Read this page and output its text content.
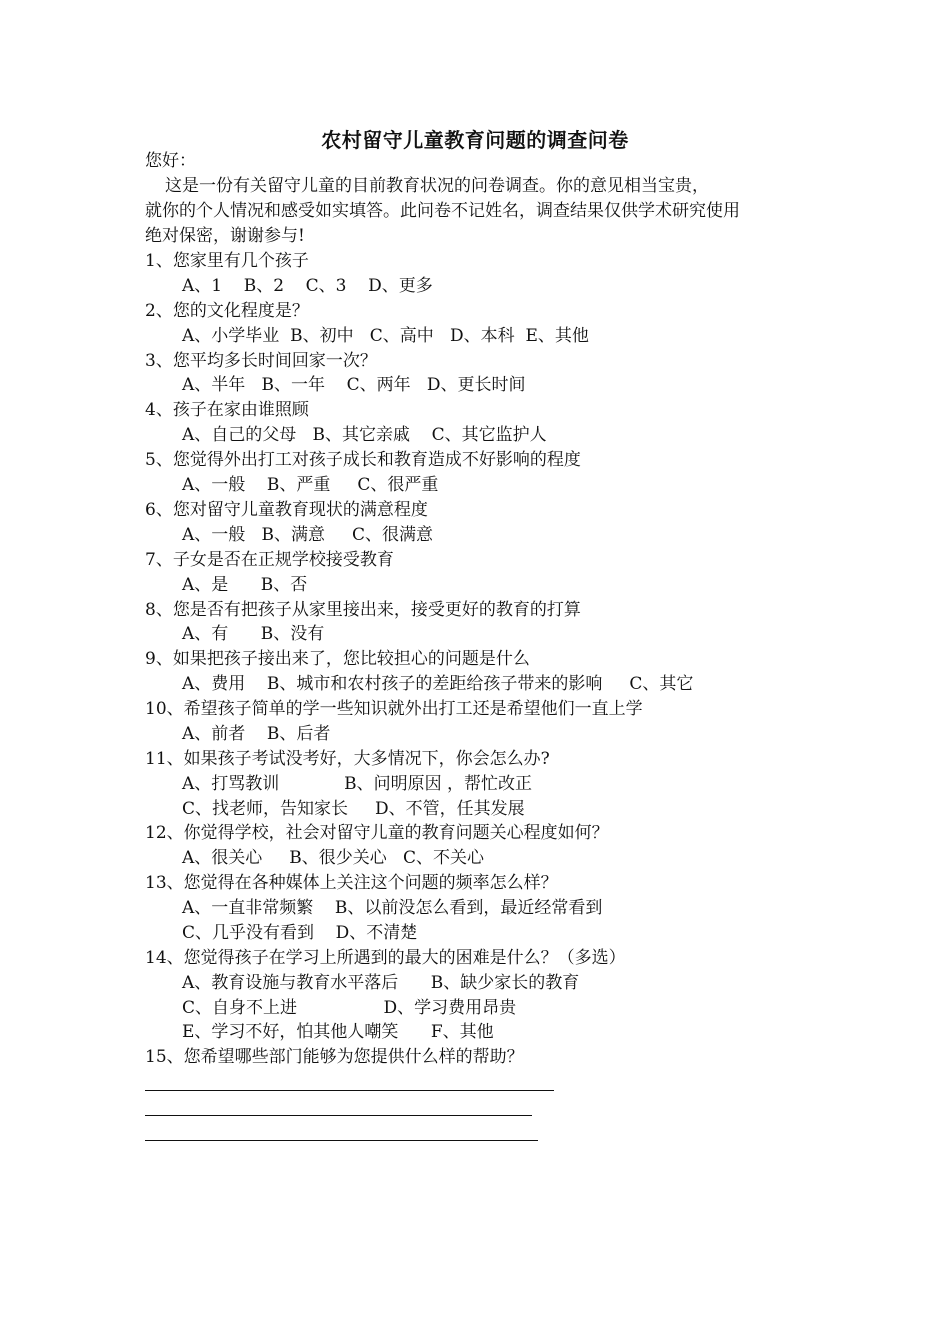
农村留守儿童教育问题的调查问卷
您好：
这是一份有关留守儿童的目前教育状况的问卷调查。你的意见相当宝贵，
就你的个人情况和感受如实填答。此问卷不记姓名，调查结果仅供学术研究使用
绝对保密，谢谢参与!
1、您家里有几个孩子
A、1    B、2    C、3    D、更多
2、您的文化程度是？
A、小学毕业  B、初中   C、高中   D、本科  E、其他
3、您平均多长时间回家一次？
A、半年   B、一年    C、两年   D、更长时间
4、孩子在家由谁照顾
A、自己的父母   B、其它亲戚    C、其它监护人
5、您觉得外出打工对孩子成长和教育造成不好影响的程度
A、一般    B、严重     C、很严重
6、您对留守儿童教育现状的满意程度
A、一般   B、满意     C、很满意
7、子女是否在正规学校接受教育
A、是      B、否
8、您是否有把孩子从家里接出来，接受更好的教育的打算
A、有      B、没有
9、如果把孩子接出来了，您比较担心的问题是什么
A、费用    B、城市和农村孩子的差距给孩子带来的影响     C、其它
10、希望孩子简单的学一些知识就外出打工还是希望他们一直上学
A、前者    B、后者
11、如果孩子考试没考好，大多情况下，你会怎么办?
A、打骂教训            B、问明原因 ，帮忙改正
C、找老师，告知家长     D、不管，任其发展
12、你觉得学校，社会对留守儿童的教育问题关心程度如何？
A、很关心     B、很少关心   C、不关心
13、您觉得在各种媒体上关注这个问题的频率怎么样？
A、一直非常频繁    B、以前没怎么看到，最近经常看到
C、几乎没有看到    D、不清楚
14、您觉得孩子在学习上所遇到的最大的困难是什么？（多选）
A、教育设施与教育水平落后      B、缺少家长的教育
C、自身不上进                D、学习费用昂贵
E、学习不好，怕其他人嘲笑      F、其他
15、您希望哪些部门能够为您提供什么样的帮助？
